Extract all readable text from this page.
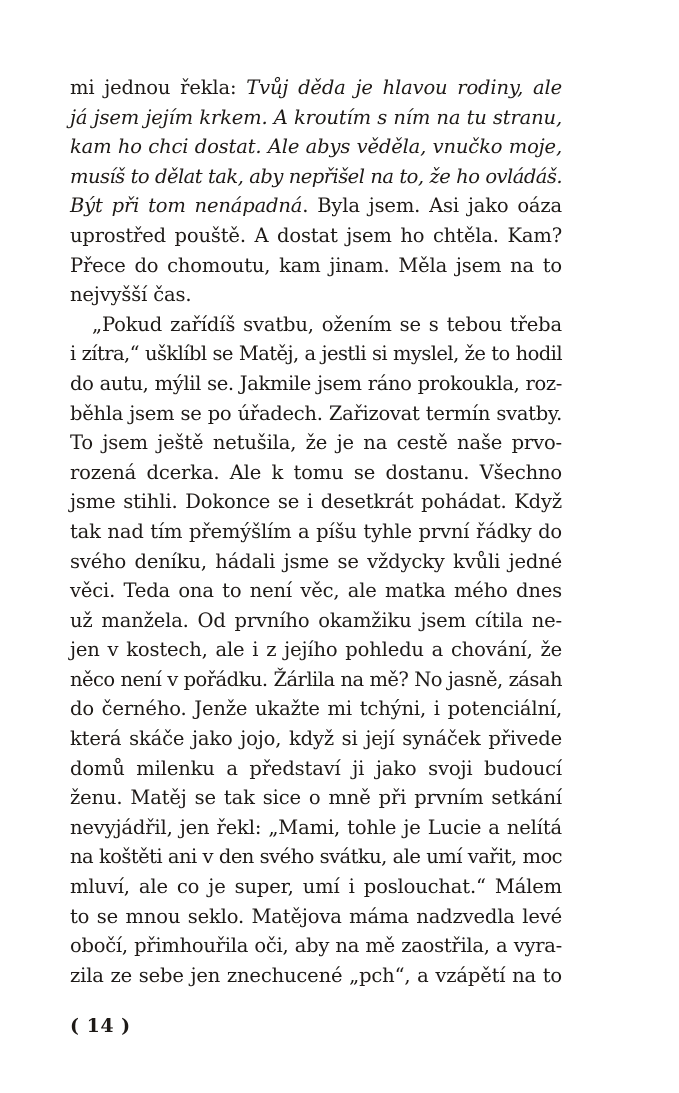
mi jednou řekla: Tvůj děda je hlavou rodiny, ale
já jsem jejím krkem. A kroutím s ním na tu stranu,
kam ho chci dostat. Ale abys věděla, vnučko moje,
musíš to dělat tak, aby nepřišel na to, že ho ovládáš.
Být při tom nenápadná. Byla jsem. Asi jako oáza
uprostřed pouště. A dostat jsem ho chtěla. Kam?
Přece do chomoutu, kam jinam. Měla jsem na to
nejvyšší čas.
„Pokud zařídíš svatbu, ožením se s tebou třeba
i zítra,“ ušklíbl se Matěj, a jestli si myslel, že to hodil
do autu, mýlil se. Jakmile jsem ráno prokoukla, roz-
běhla jsem se po úřadech. Zařizovat termín svatby.
To jsem ještě netušila, že je na cestě naše prvo-
rozená dcerka. Ale k tomu se dostanu. Všechno
jsme stihli. Dokonce se i desetkrát pohádat. Když
tak nad tím přemýšlím a píšu tyhle první řádky do
svého deníku, hádali jsme se vždycky kvůli jedné
věci. Teda ona to není věc, ale matka mého dnes
už manžela. Od prvního okamžiku jsem cítila ne-
jen v kostech, ale i z jejího pohledu a chování, že
něco není v pořádku. Žárlila na mě? No jasně, zásah
do černého. Jenže ukažte mi tchýni, i potenciální,
která skáče jako jojo, když si její synáček přivede
domů milenku a představí ji jako svoji budoucí
ženu. Matěj se tak sice o mně při prvním setkání
nevyjádřil, jen řekl: „Mami, tohle je Lucie a nelítá
na koštěti ani v den svého svátku, ale umí vařit, moc
mluví, ale co je super, umí i poslouchat.“ Málem
to se mnou seklo. Matějova máma nadzvedla levé
obočí, přimhouřila oči, aby na mě zaostřila, a vyra-
zila ze sebe jen znechucené „pch“, a vzápětí na to
( 14 )
